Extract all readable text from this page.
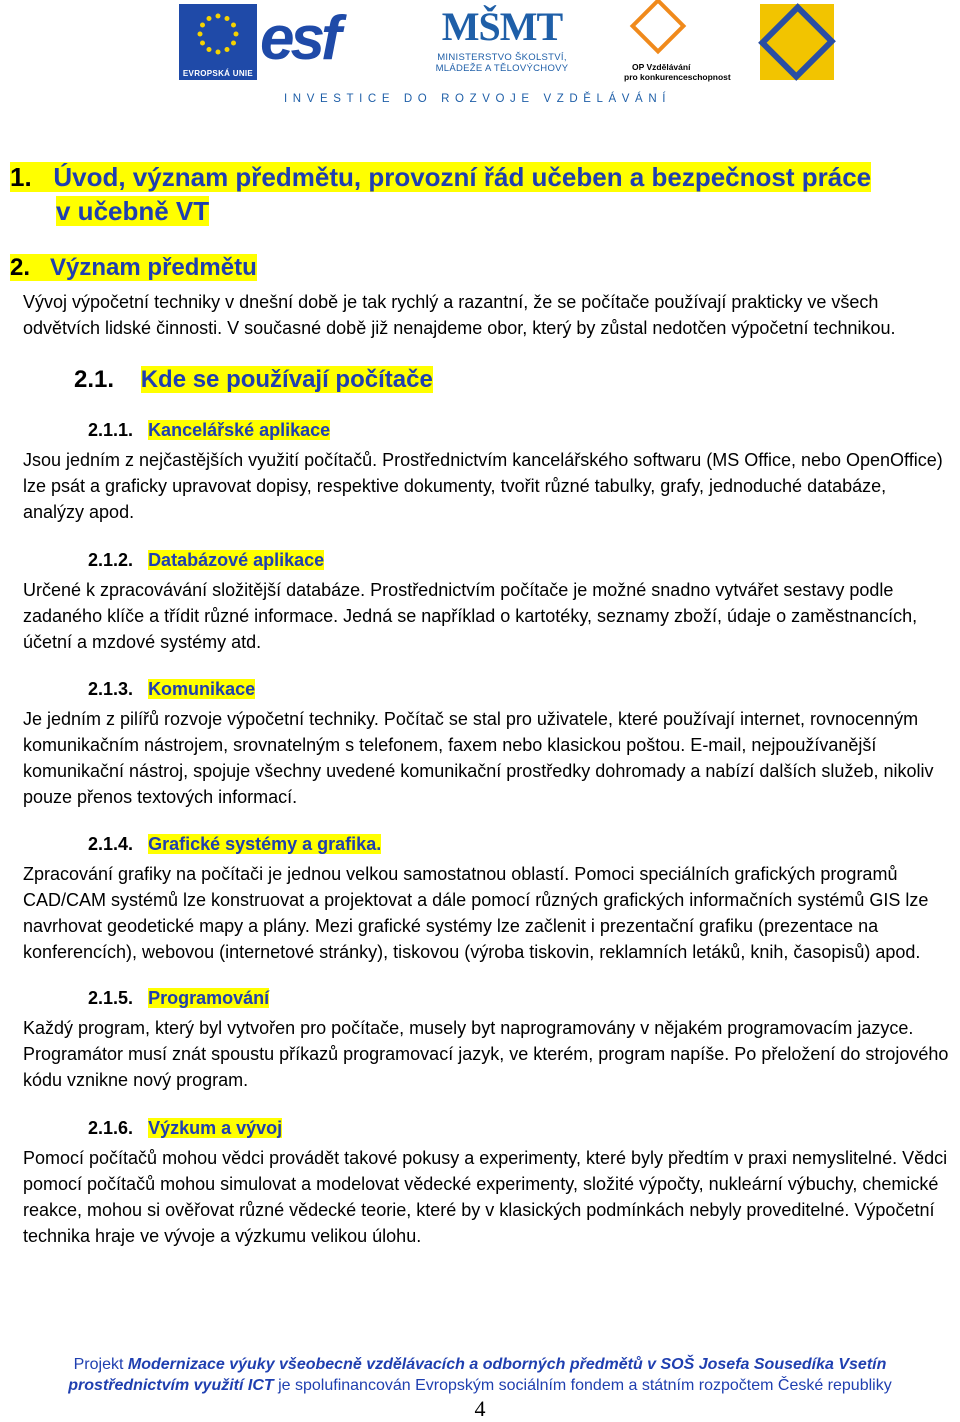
EVROPSKÁ UNIE
esf	MŠMT
MINISTERSTVO ŠKOLSTVÍ,
MLÁDEŽE A TĚLOVÝCHOVY	OP Vzdělávání
pro konkurenceschopnost
INVESTICE DO ROZVOJE VZDĚLÁVÁNÍ
1. Úvod, význam předmětu, provozní řád učeben a bezpečnost práce
v učebně VT
2. Význam předmětu
Vývoj výpočetní techniky v dnešní době je tak rychlý a razantní, že se počítače používají prakticky ve všech
odvětvích lidské činnosti. V současné době již nenajdeme obor, který by zůstal nedotčen výpočetní technikou.
2.1. Kde se používají počítače
2.1.1. Kancelářské aplikace
Jsou jedním z nejčastějších využití počítačů. Prostřednictvím kancelářského softwaru (MS Office, nebo OpenOffice)
lze psát a graficky upravovat dopisy, respektive dokumenty, tvořit různé tabulky, grafy, jednoduché databáze,
analýzy apod.
2.1.2. Databázové aplikace
Určené k zpracovávání složitější databáze. Prostřednictvím počítače je možné snadno vytvářet sestavy podle
zadaného klíče a třídit různé informace. Jedná se například o kartotéky, seznamy zboží, údaje o zaměstnancích,
účetní a mzdové systémy atd.
2.1.3. Komunikace
Je jedním z pilířů rozvoje výpočetní techniky. Počítač se stal pro uživatele, které používají internet, rovnocenným
komunikačním nástrojem, srovnatelným s telefonem, faxem nebo klasickou poštou. E-mail, nejpoužívanější
komunikační nástroj, spojuje všechny uvedené komunikační prostředky dohromady a nabízí dalších služeb, nikoliv
pouze přenos textových informací.
2.1.4. Grafické systémy a grafika.
Zpracování grafiky na počítači je jednou velkou samostatnou oblastí. Pomoci speciálních grafických programů
CAD/CAM systémů lze konstruovat a projektovat a dále pomocí různých grafických informačních systémů GIS lze
navrhovat geodetické mapy a plány. Mezi grafické systémy lze začlenit i prezentační grafiku (prezentace na
konferencích), webovou (internetové stránky), tiskovou (výroba tiskovin, reklamních letáků, knih, časopisů) apod.
2.1.5. Programování
Každý program, který byl vytvořen pro počítače, musely byt naprogramovány v nějakém programovacím jazyce.
Programátor musí znát spoustu příkazů programovací jazyk, ve kterém, program napíše. Po přeložení do strojového
kódu vznikne nový program.
2.1.6. Výzkum a vývoj
Pomocí počítačů mohou vědci provádět takové pokusy a experimenty, které byly předtím v praxi nemyslitelné. Vědci
pomocí počítačů mohou simulovat a modelovat vědecké experimenty, složité výpočty, nukleární výbuchy, chemické
reakce, mohou si ověřovat různé vědecké teorie, které by v klasických podmínkách nebyly proveditelné. Výpočetní
technika hraje ve vývoje a výzkumu velikou úlohu.
Projekt Modernizace výuky všeobecně vzdělávacích a odborných předmětů v SOŠ Josefa Sousedíka Vsetín
prostřednictvím využití ICT je spolufinancován Evropským sociálním fondem a státním rozpočtem České republiky
4
